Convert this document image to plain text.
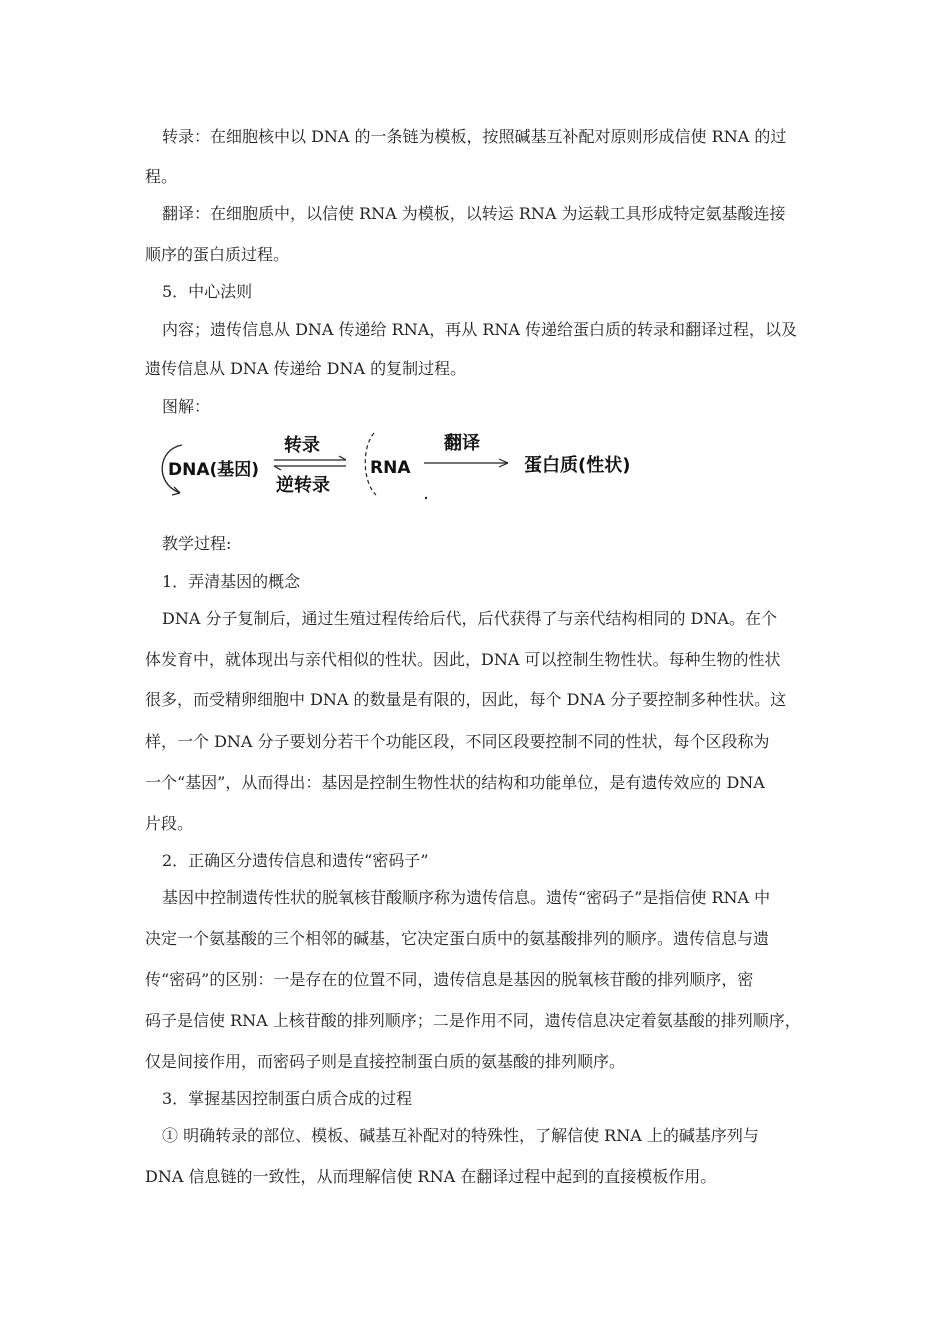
转录：在细胞核中以 DNA 的一条链为模板，按照碱基互补配对原则形成信使 RNA 的过
程。
翻译：在细胞质中，以信使 RNA 为模板，以转运 RNA 为运载工具形成特定氨基酸连接
顺序的蛋白质过程。
5．中心法则
内容；遗传信息从 DNA 传递给 RNA，再从 RNA 传递给蛋白质的转录和翻译过程，以及
遗传信息从 DNA 传递给 DNA 的复制过程。
图解：
DNA(基因)
转录
逆转录
RNA
翻译
蛋白质(性状)
教学过程:
1．弄清基因的概念
DNA 分子复制后，通过生殖过程传给后代，后代获得了与亲代结构相同的 DNA。在个
体发育中，就体现出与亲代相似的性状。因此，DNA 可以控制生物性状。每种生物的性状
很多，而受精卵细胞中 DNA 的数量是有限的，因此，每个 DNA 分子要控制多种性状。这
样，一个 DNA 分子要划分若干个功能区段，不同区段要控制不同的性状，每个区段称为
一个“基因”，从而得出：基因是控制生物性状的结构和功能单位，是有遗传效应的 DNA
片段。
2．正确区分遗传信息和遗传“密码子”
基因中控制遗传性状的脱氧核苷酸顺序称为遗传信息。遗传“密码子”是指信使 RNA 中
决定一个氨基酸的三个相邻的碱基，它决定蛋白质中的氨基酸排列的顺序。遗传信息与遗
传“密码”的区别：一是存在的位置不同，遗传信息是基因的脱氧核苷酸的排列顺序，密
码子是信使 RNA 上核苷酸的排列顺序；二是作用不同，遗传信息决定着氨基酸的排列顺序，
仅是间接作用，而密码子则是直接控制蛋白质的氨基酸的排列顺序。
3．掌握基因控制蛋白质合成的过程
① 明确转录的部位、模板、碱基互补配对的特殊性，了解信使 RNA 上的碱基序列与
DNA 信息链的一致性，从而理解信使 RNA 在翻译过程中起到的直接模板作用。
